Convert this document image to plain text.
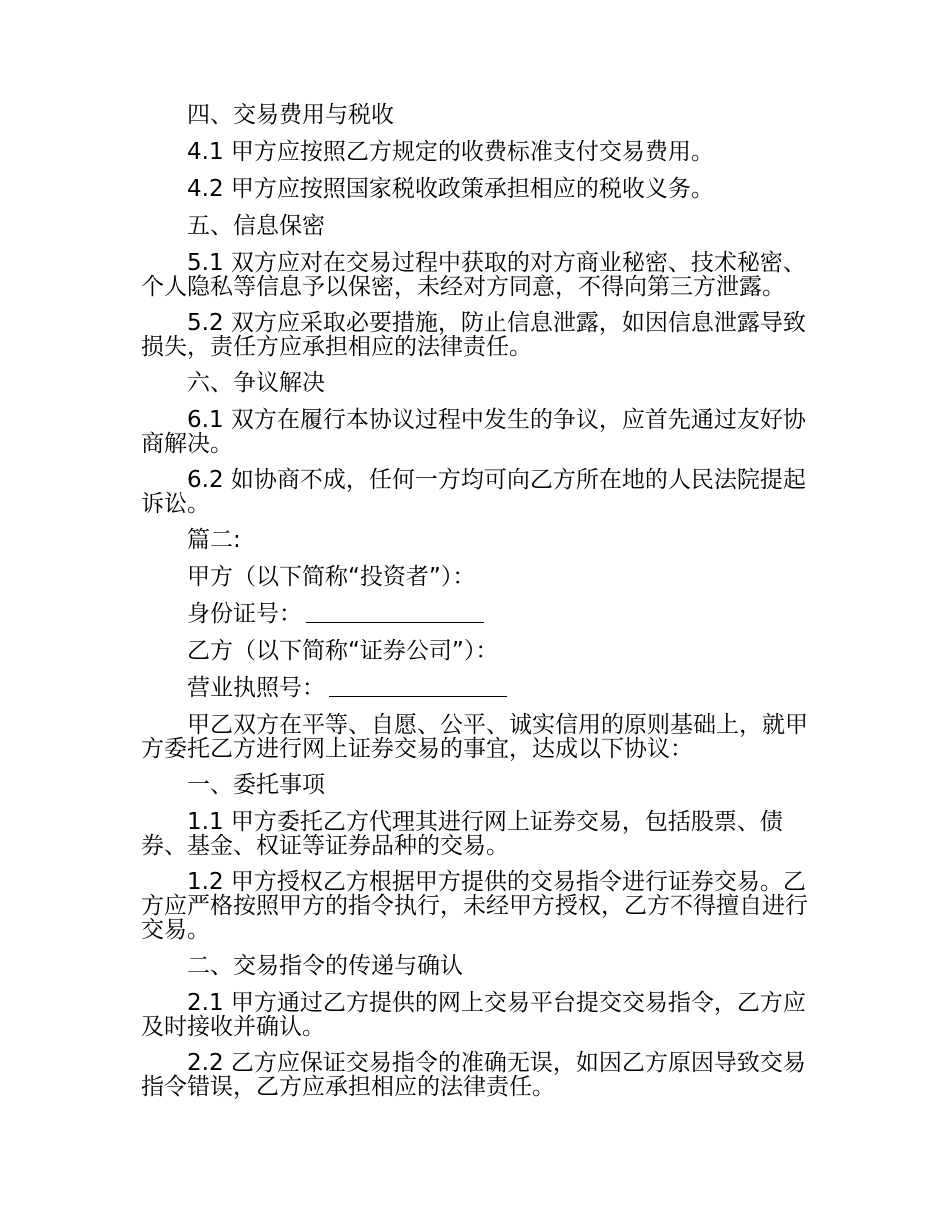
四、交易费用与税收

4.1 甲方应按照乙方规定的收费标准支付交易费用。

4.2 甲方应按照国家税收政策承担相应的税收义务。

五、信息保密

5.1 双方应对在交易过程中获取的对方商业秘密、技术秘密、个人隐私等信息予以保密，未经对方同意，不得向第三方泄露。

5.2 双方应采取必要措施，防止信息泄露，如因信息泄露导致损失，责任方应承担相应的法律责任。

六、争议解决

6.1 双方在履行本协议过程中发生的争议，应首先通过友好协商解决。

6.2 如协商不成，任何一方均可向乙方所在地的人民法院提起诉讼。

篇二:

甲方（以下简称“投资者”）：

身份证号：

乙方（以下简称“证券公司”）：

营业执照号：

甲乙双方在平等、自愿、公平、诚实信用的原则基础上，就甲方委托乙方进行网上证券交易的事宜，达成以下协议：

一、委托事项

1.1 甲方委托乙方代理其进行网上证券交易，包括股票、债券、基金、权证等证券品种的交易。

1.2 甲方授权乙方根据甲方提供的交易指令进行证券交易。乙方应严格按照甲方的指令执行，未经甲方授权，乙方不得擅自进行交易。

二、交易指令的传递与确认

2.1 甲方通过乙方提供的网上交易平台提交交易指令，乙方应及时接收并确认。

2.2 乙方应保证交易指令的准确无误，如因乙方原因导致交易指令错误，乙方应承担相应的法律责任。
